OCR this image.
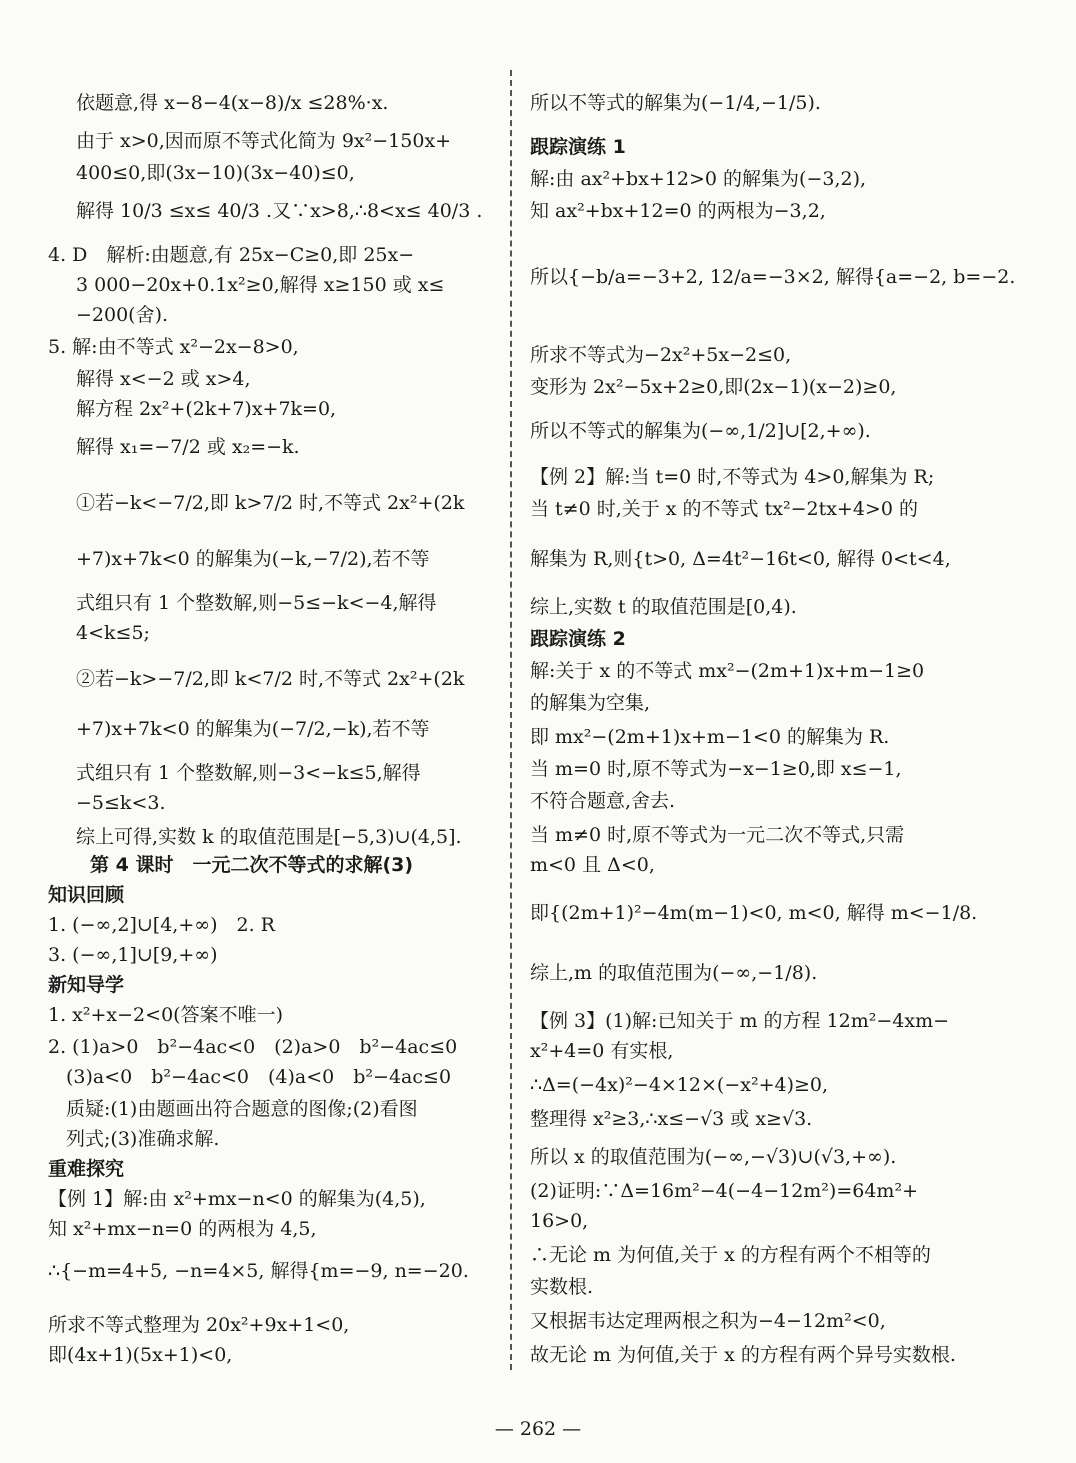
依题意,得 x−8−4(x−8)/x ≤28%·x.
由于 x>0,因而原不等式化简为 9x²−150x+
400≤0,即(3x−10)(3x−40)≤0,
解得 10/3 ≤x≤ 40/3 .又∵x>8,∴8<x≤ 40/3 .
4. D　解析:由题意,有 25x−C≥0,即 25x−
3 000−20x+0.1x²≥0,解得 x≥150 或 x≤
−200(舍).
5. 解:由不等式 x²−2x−8>0,
解得 x<−2 或 x>4,
解方程 2x²+(2k+7)x+7k=0,
解得 x₁=−7/2 或 x₂=−k.
①若−k<−7/2,即 k>7/2 时,不等式 2x²+(2k
+7)x+7k<0 的解集为(−k,−7/2),若不等
式组只有 1 个整数解,则−5≤−k<−4,解得
4<k≤5;
②若−k>−7/2,即 k<7/2 时,不等式 2x²+(2k
+7)x+7k<0 的解集为(−7/2,−k),若不等
式组只有 1 个整数解,则−3<−k≤5,解得
−5≤k<3.
综上可得,实数 k 的取值范围是[−5,3)∪(4,5].
第 4 课时　一元二次不等式的求解(3)
知识回顾
1. (−∞,2]∪[4,+∞)　2. R
3. (−∞,1]∪[9,+∞)
新知导学
1. x²+x−2<0(答案不唯一)
2. (1)a>0　b²−4ac<0　(2)a>0　b²−4ac≤0
(3)a<0　b²−4ac<0　(4)a<0　b²−4ac≤0
质疑:(1)由题画出符合题意的图像;(2)看图
列式;(3)准确求解.
重难探究
【例 1】解:由 x²+mx−n<0 的解集为(4,5),
知 x²+mx−n=0 的两根为 4,5,
∴{−m=4+5, −n=4×5, 解得{m=−9, n=−20.
所求不等式整理为 20x²+9x+1<0,
即(4x+1)(5x+1)<0,
所以不等式的解集为(−1/4,−1/5).
跟踪演练 1
解:由 ax²+bx+12>0 的解集为(−3,2),
知 ax²+bx+12=0 的两根为−3,2,
所以{−b/a=−3+2, 12/a=−3×2, 解得{a=−2, b=−2.
所求不等式为−2x²+5x−2≤0,
变形为 2x²−5x+2≥0,即(2x−1)(x−2)≥0,
所以不等式的解集为(−∞,1/2]∪[2,+∞).
【例 2】解:当 t=0 时,不等式为 4>0,解集为 R;
当 t≠0 时,关于 x 的不等式 tx²−2tx+4>0 的
解集为 R,则{t>0, Δ=4t²−16t<0, 解得 0<t<4,
综上,实数 t 的取值范围是[0,4).
跟踪演练 2
解:关于 x 的不等式 mx²−(2m+1)x+m−1≥0
的解集为空集,
即 mx²−(2m+1)x+m−1<0 的解集为 R.
当 m=0 时,原不等式为−x−1≥0,即 x≤−1,
不符合题意,舍去.
当 m≠0 时,原不等式为一元二次不等式,只需
m<0 且 Δ<0,
即{(2m+1)²−4m(m−1)<0, m<0, 解得 m<−1/8.
综上,m 的取值范围为(−∞,−1/8).
【例 3】(1)解:已知关于 m 的方程 12m²−4xm−
x²+4=0 有实根,
∴Δ=(−4x)²−4×12×(−x²+4)≥0,
整理得 x²≥3,∴x≤−√3 或 x≥√3.
所以 x 的取值范围为(−∞,−√3)∪(√3,+∞).
(2)证明:∵Δ=16m²−4(−4−12m²)=64m²+
16>0,
∴无论 m 为何值,关于 x 的方程有两个不相等的
实数根.
又根据韦达定理两根之积为−4−12m²<0,
故无论 m 为何值,关于 x 的方程有两个异号实数根.
— 262 —
